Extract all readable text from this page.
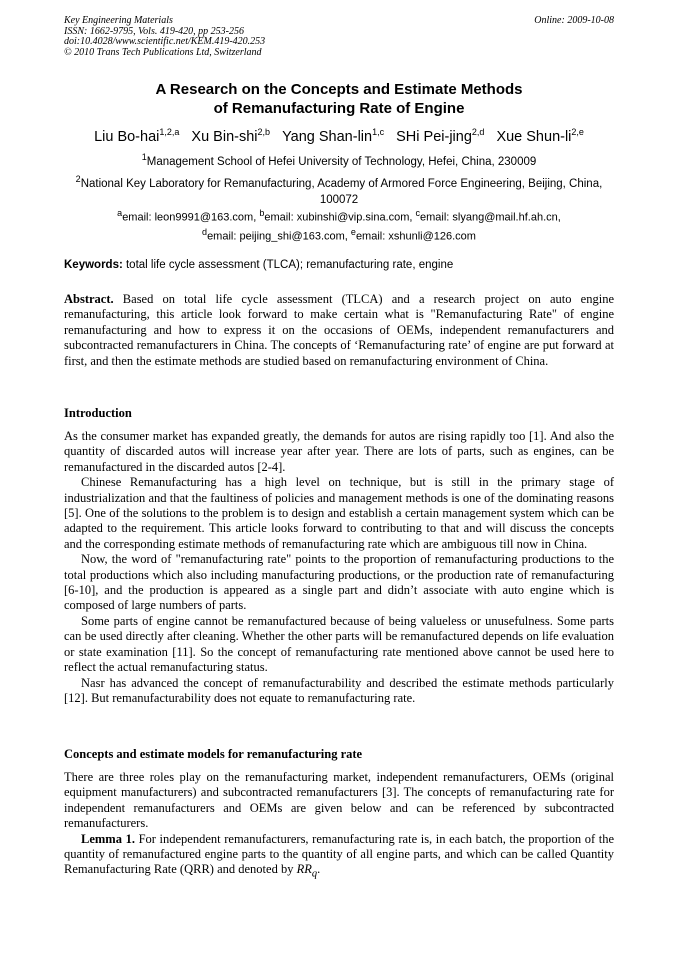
Key Engineering Materials
ISSN: 1662-9795, Vols. 419-420, pp 253-256
doi:10.4028/www.scientific.net/KEM.419-420.253
© 2010 Trans Tech Publications Ltd, Switzerland
Online: 2009-10-08
A Research on the Concepts and Estimate Methods
of Remanufacturing Rate of Engine
Liu Bo-hai$^{1,2,a}$ Xu Bin-shi$^{2,b}$ Yang Shan-lin$^{1,c}$ SHi Pei-jing$^{2,d}$ Xue Shun-li$^{2,e}$
$^1$Management School of Hefei University of Technology, Hefei, China, 230009
$^2$National Key Laboratory for Remanufacturing, Academy of Armored Force Engineering, Beijing, China, 100072
$^a$email: leon9991@163.com, $^b$email: xubinshi@vip.sina.com, $^c$email: slyang@mail.hf.ah.cn,
$^d$email: peijing_shi@163.com, $^e$email: xshunli@126.com
Keywords: total life cycle assessment (TLCA); remanufacturing rate, engine

Abstract. Based on total life cycle assessment (TLCA) and a research project on auto engine remanufacturing, this article look forward to make certain what is "Remanufacturing Rate" of engine remanufacturing and how to express it on the occasions of OEMs, independent remanufacturers and subcontracted remanufacturers in China. The concepts of ‘Remanufacturing rate’ of engine are put forward at first, and then the estimate methods are studied based on remanufacturing environment of China.

Introduction

As the consumer market has expanded greatly, the demands for autos are rising rapidly too [1]. And also the quantity of discarded autos will increase year after year. There are lots of parts, such as engines, can be remanufactured in the discarded autos [2-4].

Chinese Remanufacturing has a high level on technique, but is still in the primary stage of industrialization and that the faultiness of policies and management methods is one of the dominating reasons [5]. One of the solutions to the problem is to design and establish a certain management system which can be adapted to the requirement. This article looks forward to contributing to that and will discuss the concepts and the corresponding estimate methods of remanufacturing rate which are ambiguous till now in China.

Now, the word of "remanufacturing rate" points to the proportion of remanufacturing productions to the total productions which also including manufacturing productions, or the production rate of remanufacturing [6-10], and the production is appeared as a single part and didn’t associate with auto engine which is composed of large numbers of parts.

Some parts of engine cannot be remanufactured because of being valueless or unusefulness. Some parts can be used directly after cleaning. Whether the other parts will be remanufactured depends on life evaluation or state examination [11]. So the concept of remanufacturing rate mentioned above cannot be used here to reflect the actual remanufacturing status.

Nasr has advanced the concept of remanufacturability and described the estimate methods particularly [12]. But remanufacturability does not equate to remanufacturing rate.

Concepts and estimate models for remanufacturing rate

There are three roles play on the remanufacturing market, independent remanufacturers, OEMs (original equipment manufacturers) and subcontracted remanufacturers [3]. The concepts of remanufacturing rate for independent remanufacturers and OEMs are given below and can be referenced by subcontracted remanufacturers.

Lemma 1. For independent remanufacturers, remanufacturing rate is, in each batch, the proportion of the quantity of remanufactured engine parts to the quantity of all engine parts, and which can be called Quantity Remanufacturing Rate (QRR) and denoted by $RR_q$.
